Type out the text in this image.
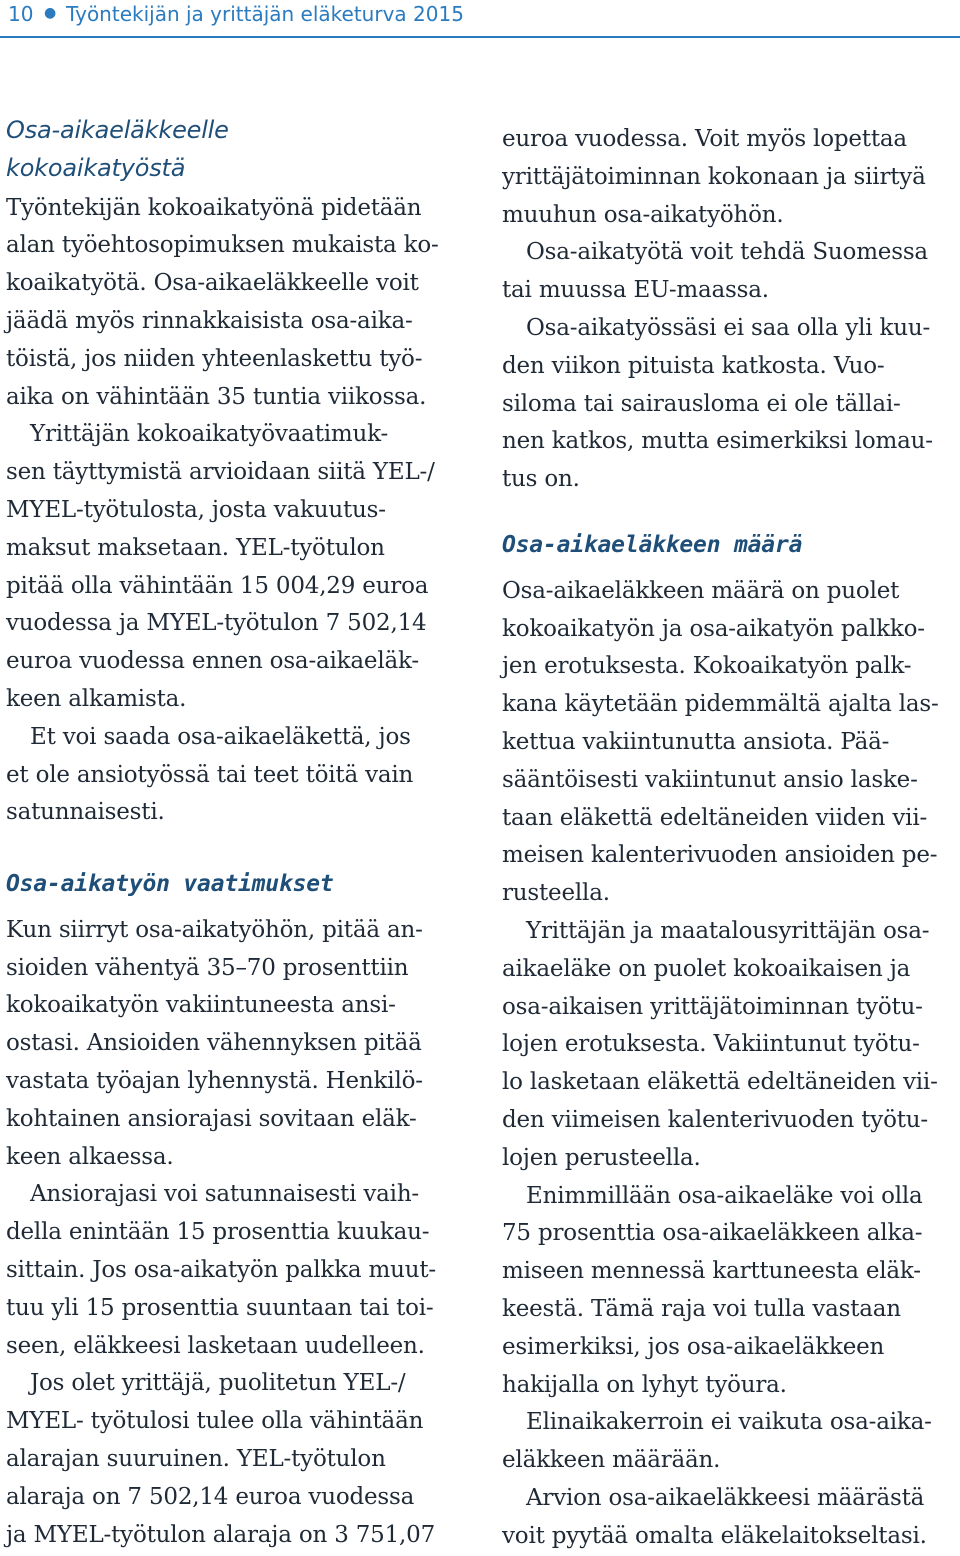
10 ● Työntekijän ja yrittäjän eläketurva 2015

Osa-aikaeläkkeelle
kokoaikatyöstä

Työntekijän kokoaikatyönä pidetään
alan työehtosopimuksen mukaista ko-
koaikatyötä. Osa-aikaeläkkeelle voit
jäädä myös rinnakkaisista osa-aika-
töistä, jos niiden yhteenlaskettu työ-
aika on vähintään 35 tuntia viikossa.

Yrittäjän kokoaikatyövaatimuk-
sen täyttymistä arvioidaan siitä YEL-/
MYEL-työtulosta, josta vakuutus-
maksut maksetaan. YEL-työtulon
pitää olla vähintään 15 004,29 euroa
vuodessa ja MYEL-työtulon 7 502,14
euroa vuodessa ennen osa-aikaeläk-
keen alkamista.

Et voi saada osa-aikaeläkettä, jos
et ole ansiotyössä tai teet töitä vain
satunnaisesti.

Osa-aikatyön vaatimukset

Kun siirryt osa-aikatyöhön, pitää an-
sioiden vähentyä 35–70 prosenttiin
kokoaikatyön vakiintuneesta ansi-
ostasi. Ansioiden vähennyksen pitää
vastata työajan lyhennystä. Henkilö-
kohtainen ansiorajasi sovitaan eläk-
keen alkaessa.

Ansiorajasi voi satunnaisesti vaih-
della enintään 15 prosenttia kuukau-
sittain. Jos osa-aikatyön palkka muut-
tuu yli 15 prosenttia suuntaan tai toi-
seen, eläkkeesi lasketaan uudelleen.

Jos olet yrittäjä, puolitetun YEL-/
MYEL- työtulosi tulee olla vähintään
alarajan suuruinen. YEL-työtulon
alaraja on 7 502,14 euroa vuodessa
ja MYEL-työtulon alaraja on 3 751,07

euroa vuodessa. Voit myös lopettaa
yrittäjätoiminnan kokonaan ja siirtyä
muuhun osa-aikatyöhön.

Osa-aikatyötä voit tehdä Suomessa
tai muussa EU-maassa.

Osa-aikatyössäsi ei saa olla yli kuu-
den viikon pituista katkosta. Vuo-
siloma tai sairausloma ei ole tällai-
nen katkos, mutta esimerkiksi lomau-
tus on.

Osa-aikaeläkkeen määrä

Osa-aikaeläkkeen määrä on puolet
kokoaikatyön ja osa-aikatyön palkko-
jen erotuksesta. Kokoaikatyön palk-
kana käytetään pidemmältä ajalta las-
kettua vakiintunutta ansiota. Pää-
sääntöisesti vakiintunut ansio laske-
taan eläkettä edeltäneiden viiden vii-
meisen kalenterivuoden ansioiden pe-
rusteella.

Yrittäjän ja maatalousyrittäjän osa-
aikaeläke on puolet kokoaikaisen ja
osa-aikaisen yrittäjätoiminnan työtu-
lojen erotuksesta. Vakiintunut työtu-
lo lasketaan eläkettä edeltäneiden vii-
den viimeisen kalenterivuoden työtu-
lojen perusteella.

Enimmillään osa-aikaeläke voi olla
75 prosenttia osa-aikaeläkkeen alka-
miseen mennessä karttuneesta eläk-
keestä. Tämä raja voi tulla vastaan
esimerkiksi, jos osa-aikaeläkkeen
hakijalla on lyhyt työura.

Elinaikakerroin ei vaikuta osa-aika-
eläkkeen määrään.

Arvion osa-aikaeläkkeesi määrästä
voit pyytää omalta eläkelaitokseltasi.
